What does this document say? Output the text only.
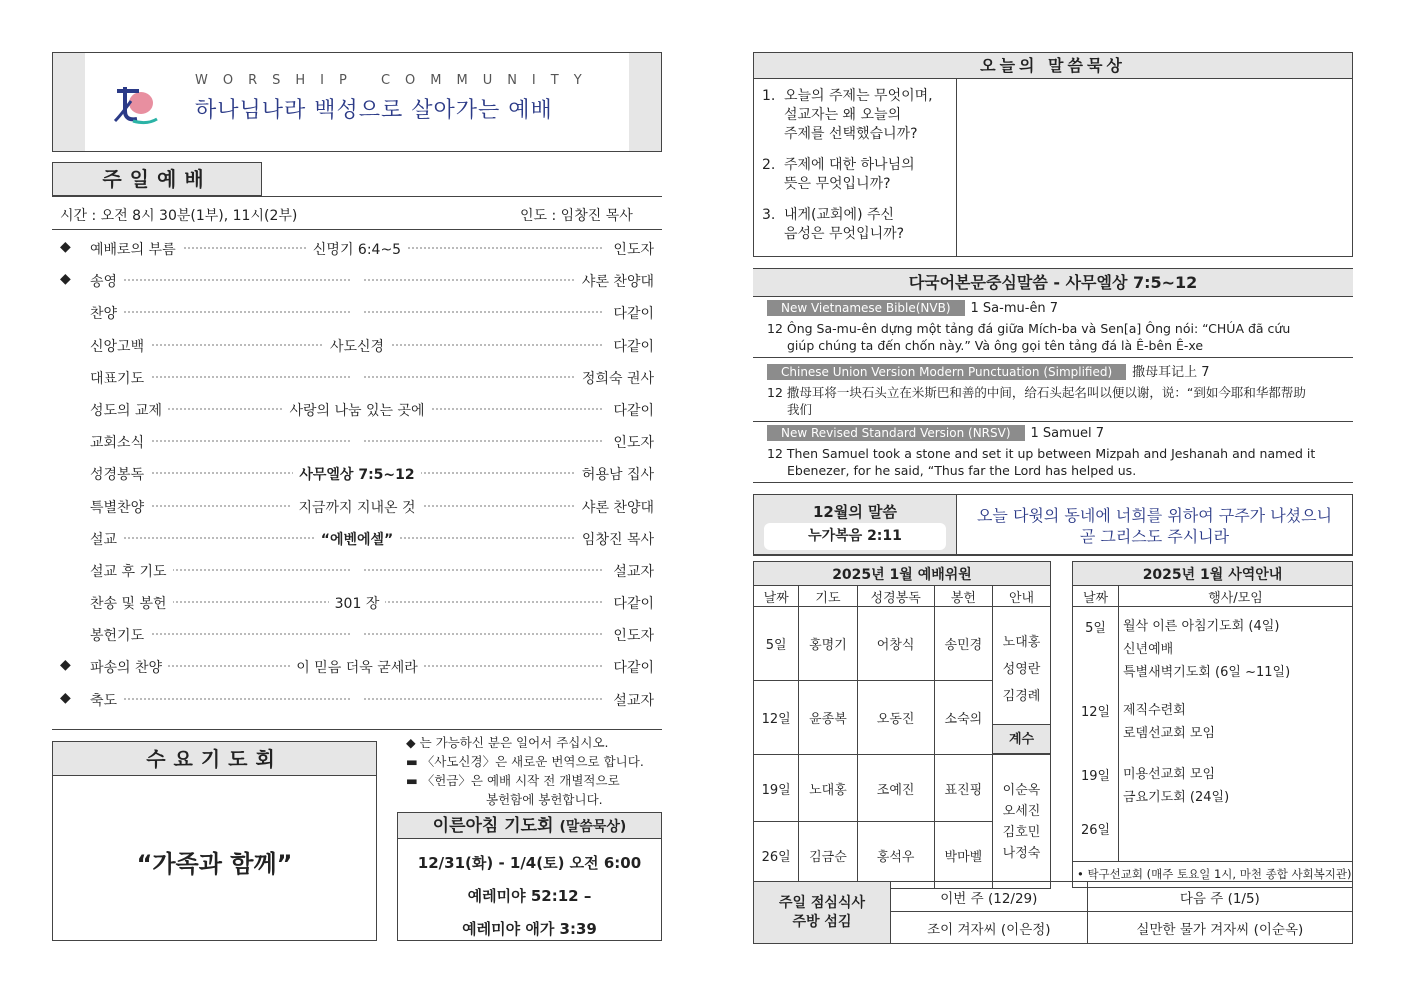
WORSHIP COMMUNITY
하나님나라 백성으로 살아가는 예배
주일예배
시간 : 오전 8시 30분(1부), 11시(2부)	인도 : 임창진 목사
◆ 예배로의 부름	신명기 6:4~5	인도자
◆ 송영	샤론 찬양대
찬양	다같이
신앙고백	사도신경	다같이
대표기도	정희숙 권사
성도의 교제	사랑의 나눔 있는 곳에	다같이
교회소식	인도자
성경봉독	사무엘상 7:5~12	허용남 집사
특별찬양	지금까지 지내온 것	샤론 찬양대
설교	“에벤에셀”	임창진 목사
설교 후 기도	설교자
찬송 및 봉헌	301 장	다같이
봉헌기도	인도자
◆ 파송의 찬양	이 믿음 더욱 굳세라	다같이
◆ 축도	설교자
수요기도회
“가족과 함께”
◆ 는 가능하신 분은 일어서 주십시오.
▬ 〈사도신경〉은 새로운 번역으로 합니다.
▬ 〈헌금〉은 예배 시작 전 개별적으로
봉헌함에 봉헌합니다.
이른아침 기도회 (말씀묵상)
12/31(화) - 1/4(토) 오전 6:00
예레미야 52:12 –
예레미야 애가 3:39
오늘의 말씀묵상
1. 오늘의 주제는 무엇이며,
설교자는 왜 오늘의
주제를 선택했습니까?
2. 주제에 대한 하나님의
뜻은 무엇입니까?
3. 내게(교회에) 주신
음성은 무엇입니까?
다국어본문중심말씀 - 사무엘상 7:5~12
New Vietnamese Bible(NVB) 1 Sa-mu-ên 7
12 Ông Sa-mu-ên dựng một tảng đá giữa Mích-ba và Sen[a] Ông nói: “CHÚA đã cứu
giúp chúng ta đến chốn này.” Và ông gọi tên tảng đá là Ê-bên Ê-xe
Chinese Union Version Modern Punctuation (Simplified) 撒母耳记上 7
12 撒母耳将一块石头立在米斯巴和善的中间，给石头起名叫以便以谢，说：“到如今耶和华都帮助
我们
New Revised Standard Version (NRSV) 1 Samuel 7
12 Then Samuel took a stone and set it up between Mizpah and Jeshanah and named it
Ebenezer, for he said, “Thus far the Lord has helped us.
12월의 말씀
누가복음 2:11
오늘 다윗의 동네에 너희를 위하여 구주가 나셨으니
곧 그리스도 주시니라
2025년 1월 예배위원				
날짜	기도	성경봉독	봉헌	안내
5일	홍명기	어창식	송민경	노대홍
성영란
김경례
계수

12일	윤종복	오동진	소숙의	
19일	노대홍	조예진	표진핑	이순옥
오세진
김호민
나정숙

26일	김금순	홍석우	박마벨	
2025년 1월 사역안내	
날짜	행사/모임

5일	월삭 이른 아침기도회 (4일)
신년예배
특별새벽기도회 (6일 ~11일)

12일	제직수련회
로뎀선교회 모임

19일	미용선교회 모임
금요기도회 (24일)

26일	
• 탁구선교회 (매주 토요일 1시, 마천 종합 사회복지관)	
주일 점심식사
주방 섬김	이번 주 (12/29)	다음 주 (1/5)
	조이 겨자씨 (이은정)	실만한 물가 겨자씨 (이순옥)
